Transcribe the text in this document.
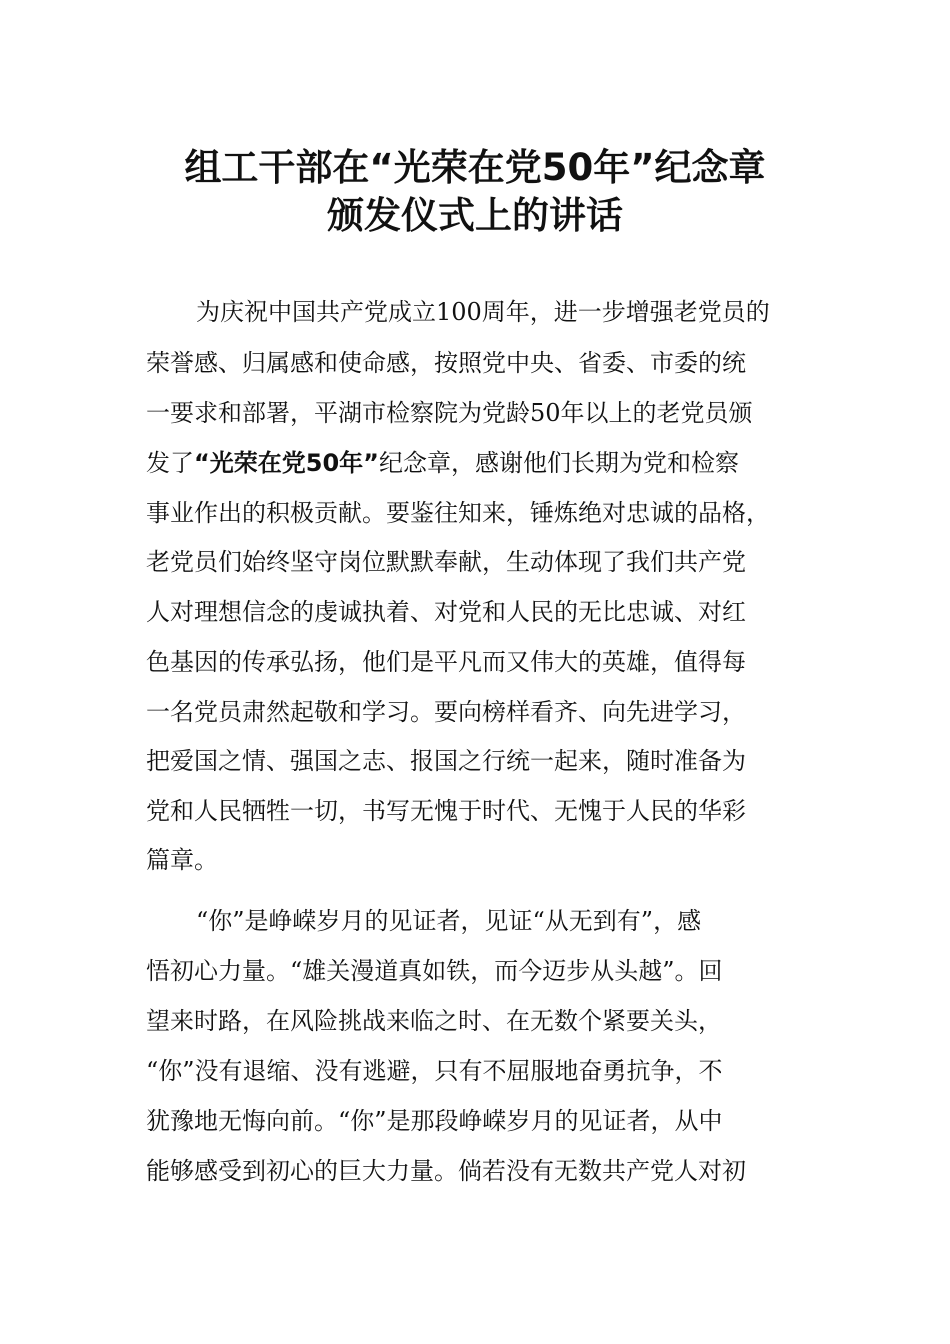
组工干部在“光荣在党50年”纪念章
颁发仪式上的讲话
为庆祝中国共产党成立100周年，进一步增强老党员的
荣誉感、归属感和使命感，按照党中央、省委、市委的统
一要求和部署，平湖市检察院为党龄50年以上的老党员颁
发了“光荣在党50年”纪念章，感谢他们长期为党和检察
事业作出的积极贡献。要鉴往知来，锤炼绝对忠诚的品格，
老党员们始终坚守岗位默默奉献，生动体现了我们共产党
人对理想信念的虔诚执着、对党和人民的无比忠诚、对红
色基因的传承弘扬，他们是平凡而又伟大的英雄，值得每
一名党员肃然起敬和学习。要向榜样看齐、向先进学习，
把爱国之情、强国之志、报国之行统一起来，随时准备为
党和人民牺牲一切，书写无愧于时代、无愧于人民的华彩
篇章。
“你”是峥嵘岁月的见证者，见证“从无到有”，感
悟初心力量。“雄关漫道真如铁，而今迈步从头越”。回
望来时路，在风险挑战来临之时、在无数个紧要关头，
“你”没有退缩、没有逃避，只有不屈服地奋勇抗争，不
犹豫地无悔向前。“你”是那段峥嵘岁月的见证者，从中
能够感受到初心的巨大力量。倘若没有无数共产党人对初
